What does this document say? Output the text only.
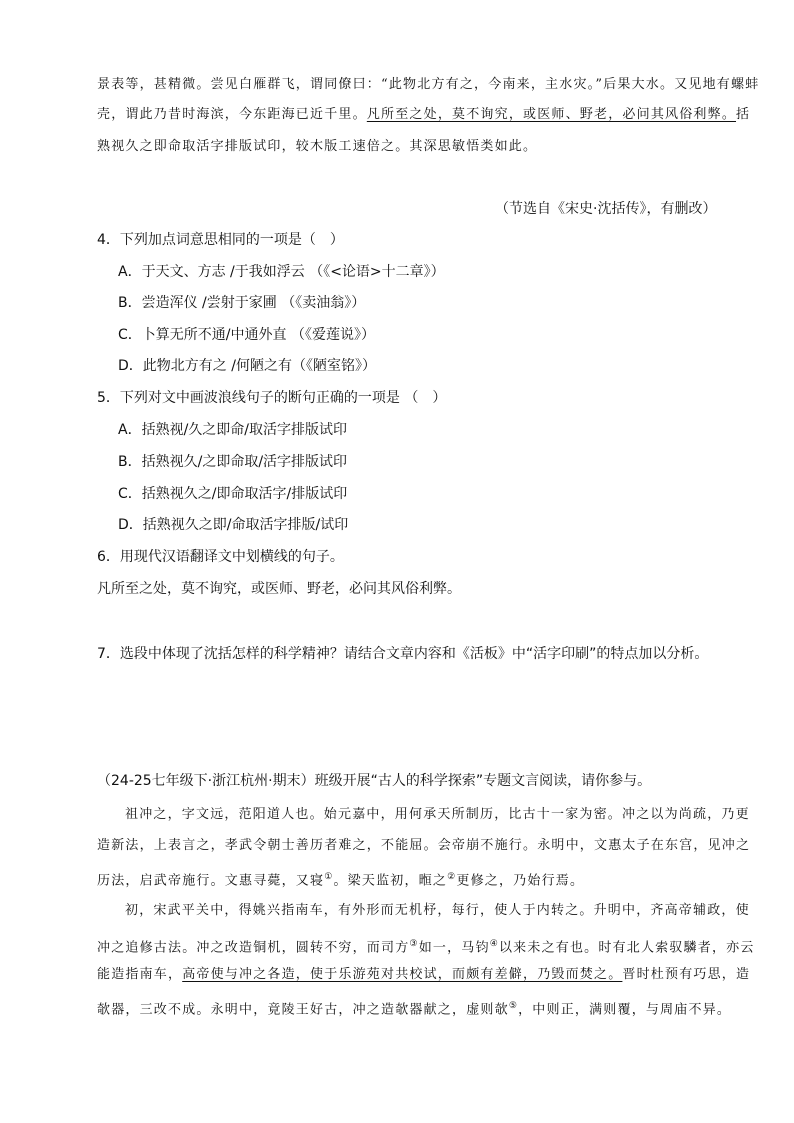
景表等，甚精微。尝见白雁群飞，谓同僚曰：“此物北方有之，今南来，主水灾。”后果大水。又见地有螺蚌
壳，谓此乃昔时海滨，今东距海已近千里。凡所至之处，莫不询究，或医师、野老，必问其风俗利弊。括
熟视久之即命取活字排版试印，较木版工速倍之。其深思敏悟类如此。
（节选自《宋史·沈括传》，有删改）
4．下列加点词意思相同的一项是（　）
A．于天文、方志 /于我如浮云 （《<论语>十二章》）
B．尝造浑仪 /尝射于家圃 （《卖油翁》）
C．卜算无所不通/中通外直 （《爱莲说》）
D．此物北方有之 /何陋之有（《陋室铭》）
5．下列对文中画波浪线句子的断句正确的一项是 （　）
A．括熟视/久之即命/取活字排版试印
B．括熟视久/之即命取/活字排版试印
C．括熟视久之/即命取活字/排版试印
D．括熟视久之即/命取活字排版/试印
6．用现代汉语翻译文中划横线的句子。
凡所至之处，莫不询究，或医师、野老，必问其风俗利弊。
7．选段中体现了沈括怎样的科学精神？请结合文章内容和《活板》中“活字印刷”的特点加以分析。
（24-25七年级下·浙江杭州·期末）班级开展“古人的科学探索”专题文言阅读，请你参与。
祖冲之，字文远，范阳道人也。始元嘉中，用何承天所制历，比古十一家为密。冲之以为尚疏，乃更
造新法，上表言之，孝武令朝士善历者难之，不能屈。会帝崩不施行。永明中，文惠太子在东宫，见冲之
历法，启武帝施行。文惠寻薨，又寝①。梁天监初，暅之②更修之，乃始行焉。
初，宋武平关中，得姚兴指南车，有外形而无机杼，每行，使人于内转之。升明中，齐高帝辅政，使
冲之追修古法。冲之改造铜机，圆转不穷，而司方③如一，马钧④以来未之有也。时有北人索驭驎者，亦云
能造指南车，高帝使与冲之各造，使于乐游苑对共校试，而颇有差僻，乃毁而焚之。晋时杜预有巧思，造
欹器，三改不成。永明中，竟陵王好古，冲之造欹器献之，虚则欹⑤，中则正，满则覆，与周庙不异。
